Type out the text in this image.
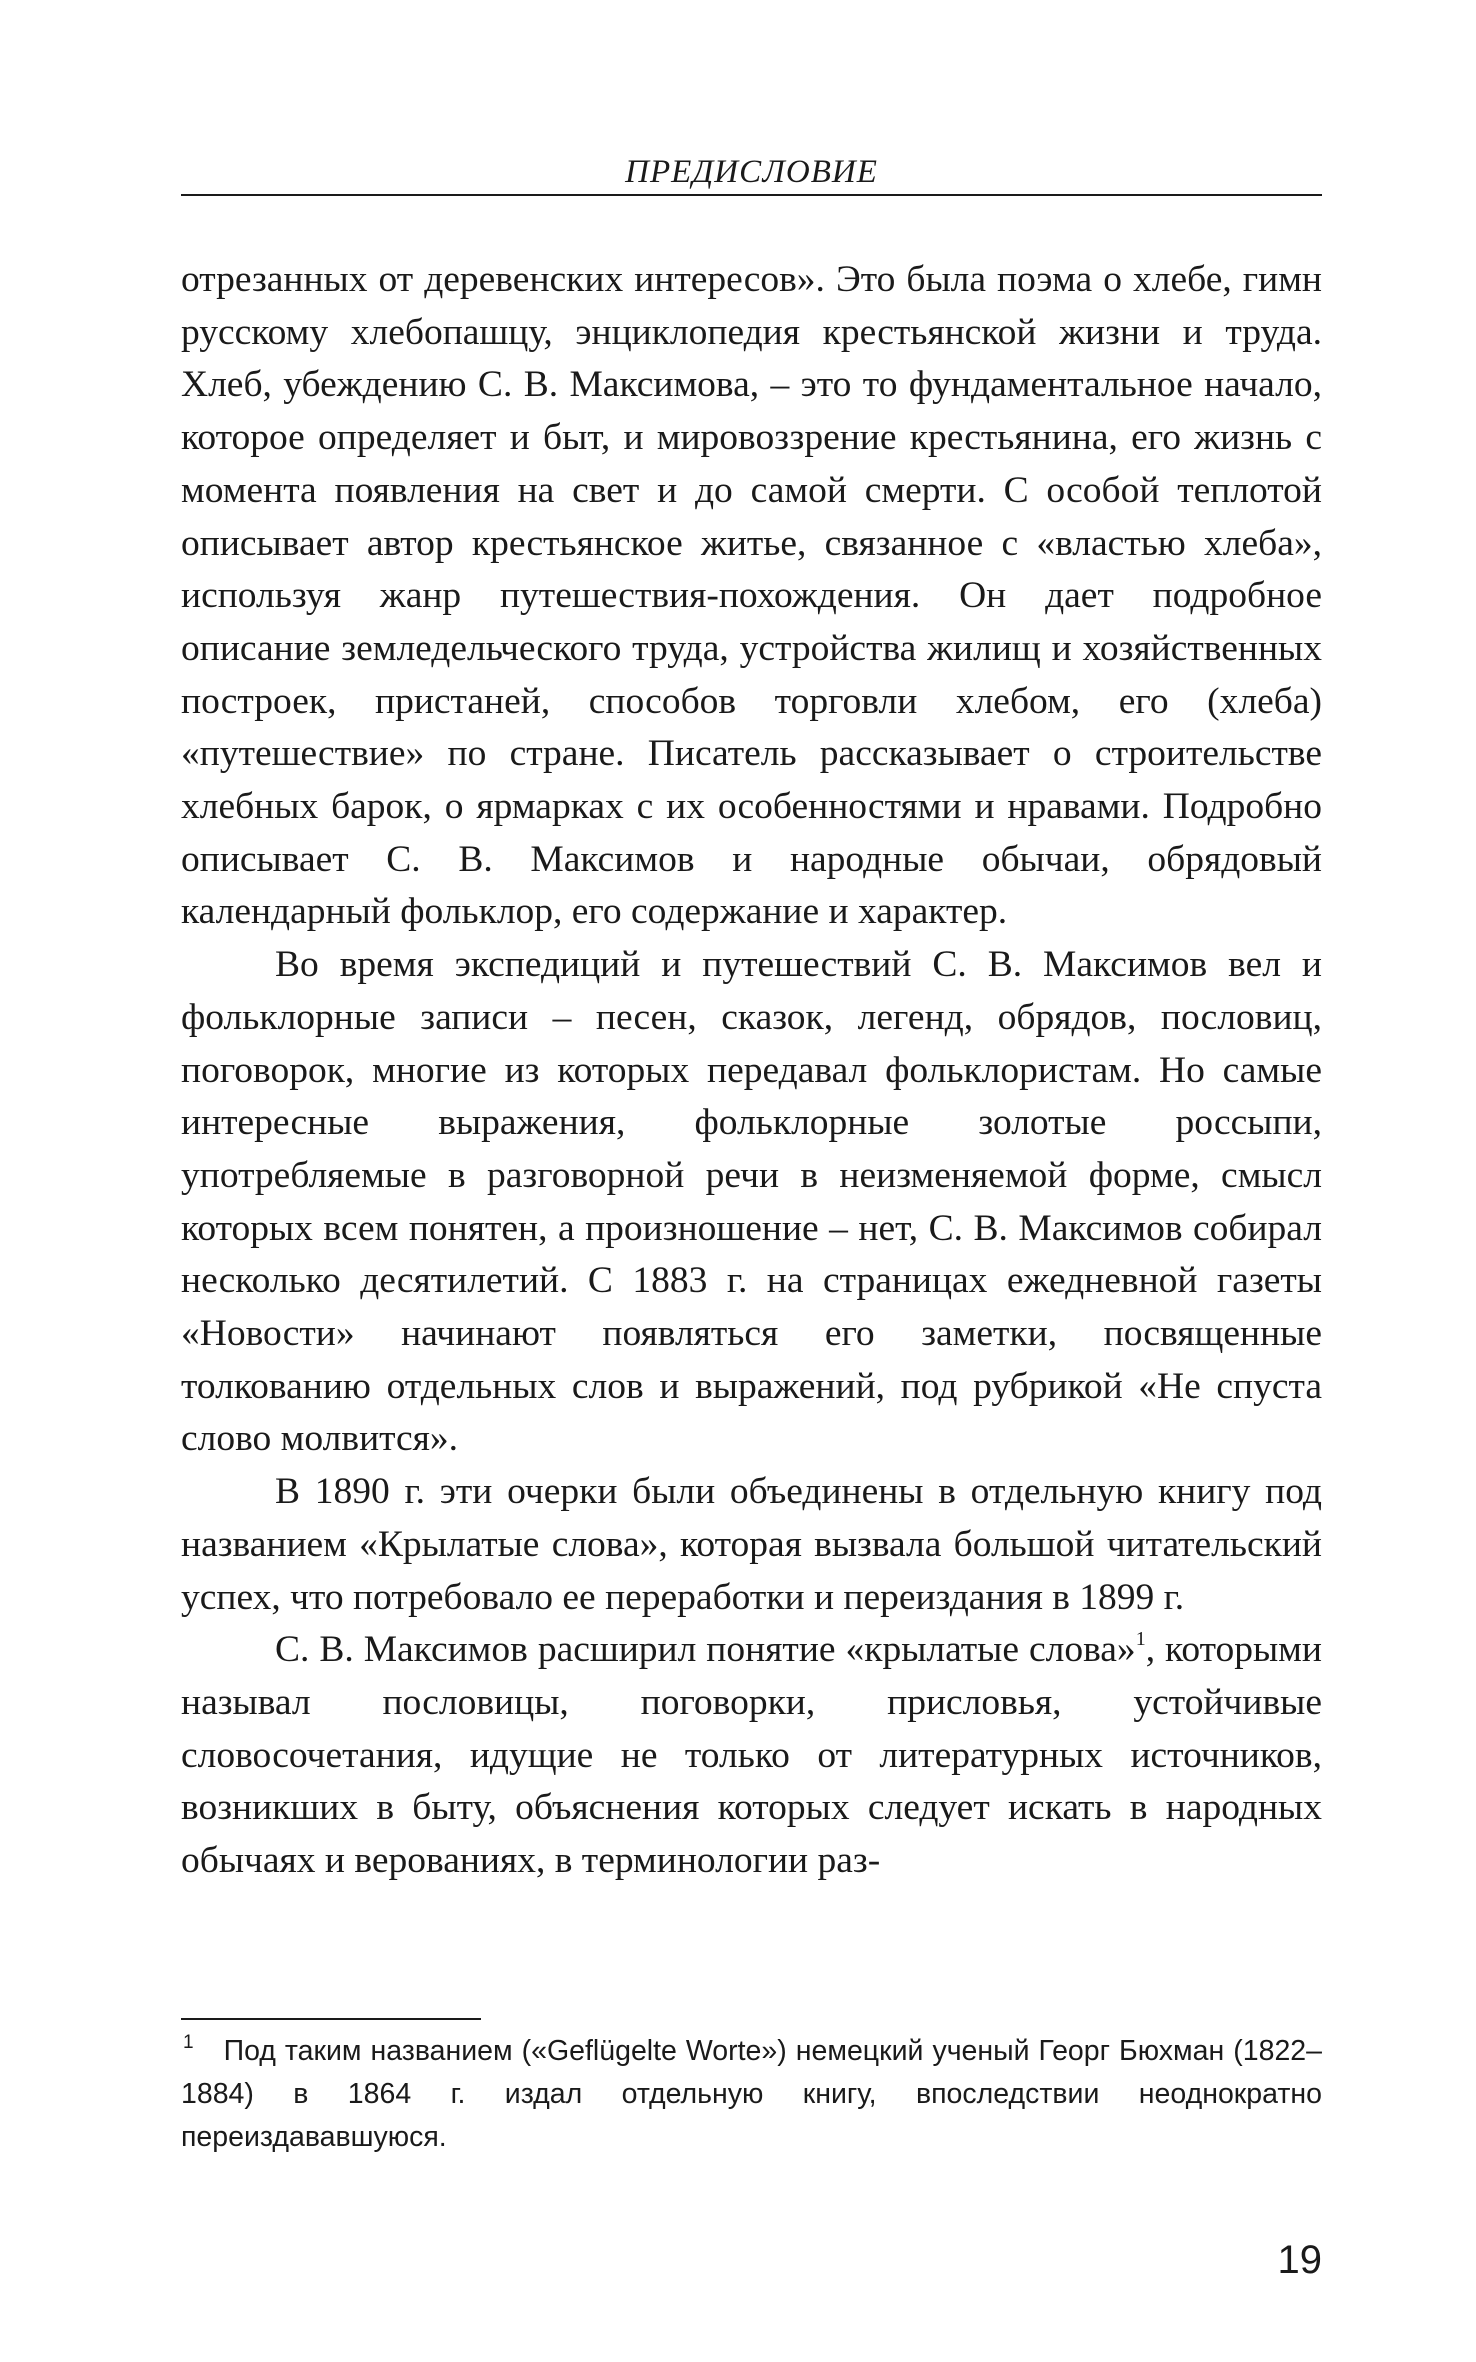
ПРЕДИСЛОВИЕ

отрезанных от деревенских интересов». Это была поэма о хлебе, гимн русскому хлебопашцу, энциклопедия крестьянской жизни и труда. Хлеб, убеждению С. В. Максимова, – это то фундаментальное начало, которое определяет и быт, и мировоззрение крестьянина, его жизнь с момента появления на свет и до самой смерти. С особой теплотой описывает автор крестьянское житье, связанное с «властью хлеба», используя жанр путешествия-похождения. Он дает подробное описание земледельческого труда, устройства жилищ и хозяйственных построек, пристаней, способов торговли хлебом, его (хлеба) «путешествие» по стране. Писатель рассказывает о строительстве хлебных барок, о ярмарках с их особенностями и нравами. Подробно описывает С. В. Максимов и народные обычаи, обрядовый календарный фольклор, его содержание и характер.

Во время экспедиций и путешествий С. В. Максимов вел и фольклорные записи – песен, сказок, легенд, обрядов, пословиц, поговорок, многие из которых передавал фольклористам. Но самые интересные выражения, фольклорные золотые россыпи, употребляемые в разговорной речи в неизменяемой форме, смысл которых всем понятен, а произношение – нет, С. В. Максимов собирал несколько десятилетий. С 1883 г. на страницах ежедневной газеты «Новости» начинают появляться его заметки, посвященные толкованию отдельных слов и выражений, под рубрикой «Не спуста слово молвится».

В 1890 г. эти очерки были объединены в отдельную книгу под названием «Крылатые слова», которая вызвала большой читательский успех, что потребовало ее переработки и переиздания в 1899 г.

С. В. Максимов расширил понятие «крылатые слова»$^1$, которыми называл пословицы, поговорки, присловья, устойчивые словосочетания, идущие не только от литературных источников, возникших в быту, объяснения которых следует искать в народных обычаях и верованиях, в терминологии раз-

$^1$ Под таким названием («Geflügelte Worte») немецкий ученый Георг Бюхман (1822–1884) в 1864 г. издал отдельную книгу, впоследствии неоднократно переиздававшуюся.
19
